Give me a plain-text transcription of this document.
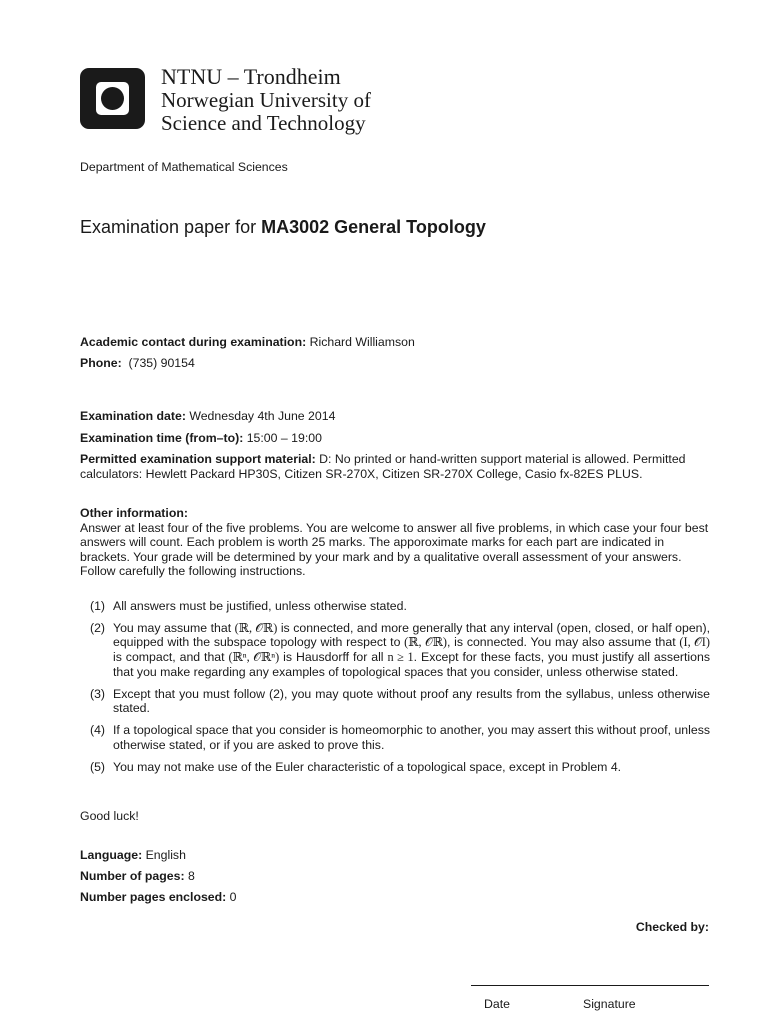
NTNU – Trondheim
Norwegian University of
Science and Technology
Department of Mathematical Sciences
Examination paper for MA3002 General Topology
Academic contact during examination: Richard Williamson
Phone:  (735) 90154
Examination date: Wednesday 4th June 2014
Examination time (from–to): 15:00 – 19:00
Permitted examination support material: D: No printed or hand-written support material is allowed. Permitted calculators: Hewlett Packard HP30S, Citizen SR-270X, Citizen SR-270X College, Casio fx-82ES PLUS.
Other information:
Answer at least four of the five problems. You are welcome to answer all five problems, in which case your four best answers will count. Each problem is worth 25 marks. The apporoximate marks for each part are indicated in brackets. Your grade will be determined by your mark and by a qualitative overall assessment of your answers. Follow carefully the following instructions.
(1) All answers must be justified, unless otherwise stated.
(2) You may assume that (ℝ, 𝒪ℝ) is connected, and more generally that any interval (open, closed, or half open), equipped with the subspace topology with respect to (ℝ, 𝒪ℝ), is connected. You may also assume that (I, 𝒪I) is compact, and that (ℝⁿ, 𝒪ℝⁿ) is Hausdorff for all n ≥ 1. Except for these facts, you must justify all assertions that you make regarding any examples of topological spaces that you consider, unless otherwise stated.
(3) Except that you must follow (2), you may quote without proof any results from the syllabus, unless otherwise stated.
(4) If a topological space that you consider is homeomorphic to another, you may assert this without proof, unless otherwise stated, or if you are asked to prove this.
(5) You may not make use of the Euler characteristic of a topological space, except in Problem 4.
Good luck!
Language: English
Number of pages: 8
Number pages enclosed: 0
Checked by:
Date	Signature
